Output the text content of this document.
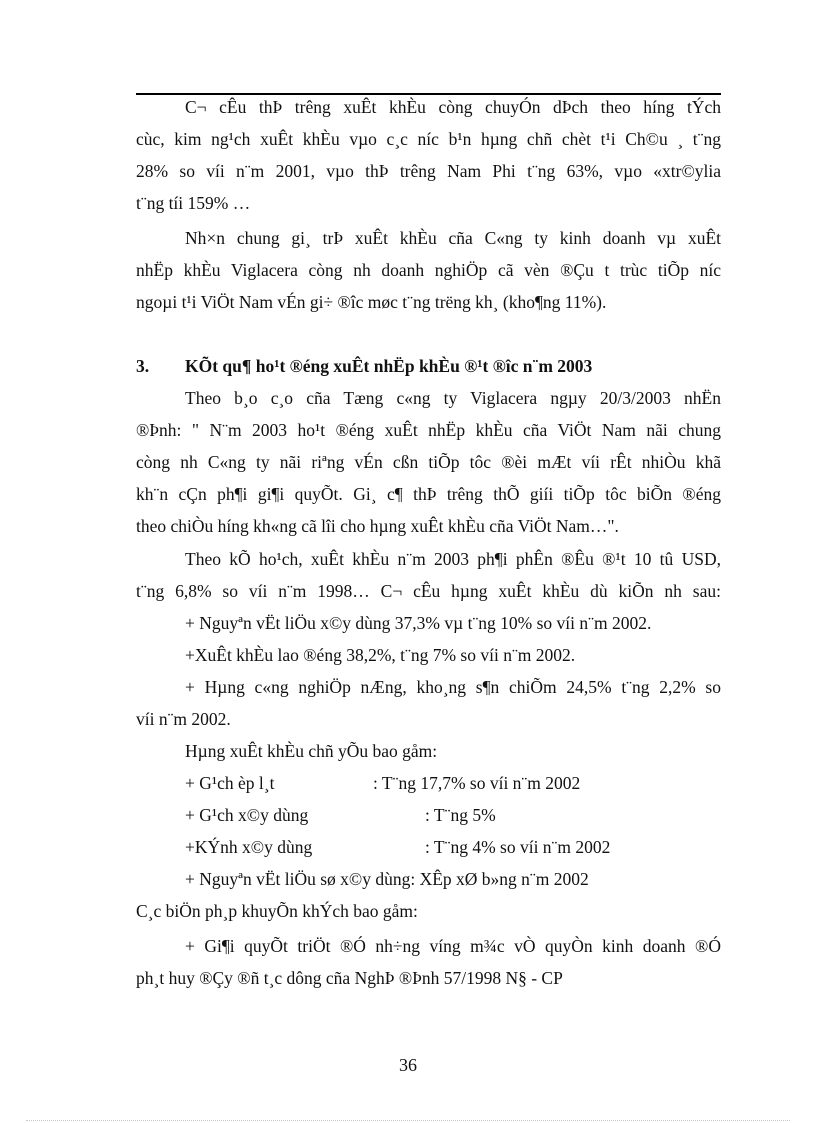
C¬ cÊu thÞ trêng xuÊt khÈu còng chuyÓn dÞch theo híng tÝch
cùc, kim ng¹ch xuÊt khÈu vµo c¸c níc b¹n hµng chñ chèt t¹i Ch©u ¸ t¨ng
28% so víi n¨m 2001, vµo thÞ trêng Nam Phi t¨ng 63%, vµo «xtr©ylia
t¨ng tíi 159% …
Nh×n chung gi¸ trÞ xuÊt khÈu cña C«ng ty kinh doanh vµ xuÊt
nhËp khÈu Viglacera còng nh doanh nghiÖp cã vèn ®Çu t trùc tiÕp níc
ngoµi t¹i ViÖt Nam vÉn gi÷ ®îc møc t¨ng trëng kh¸ (kho¶ng 11%).
3. KÕt qu¶ ho¹t ®éng xuÊt nhËp khÈu ®¹t ®îc n¨m 2003
Theo b¸o c¸o cña Tæng c«ng ty Viglacera ngµy 20/3/2003 nhËn
®Þnh: " N¨m 2003 ho¹t ®éng xuÊt nhËp khÈu cña ViÖt Nam nãi chung
còng nh C«ng ty nãi riªng vÉn cßn tiÕp tôc ®èi mÆt víi rÊt nhiÒu khã
kh¨n cÇn ph¶i gi¶i quyÕt. Gi¸ c¶ thÞ trêng thÕ giíi tiÕp tôc biÕn ®éng
theo chiÒu híng kh«ng cã lîi cho hµng xuÊt khÈu cña ViÖt Nam…".
Theo kÕ ho¹ch, xuÊt khÈu n¨m 2003 ph¶i phÊn ®Êu ®¹t 10 tû USD,
t¨ng 6,8% so víi n¨m 1998… C¬ cÊu hµng xuÊt khÈu dù kiÕn nh sau:
+ Nguyªn vËt liÖu x©y dùng 37,3% vµ t¨ng 10% so víi n¨m 2002.
+XuÊt khÈu lao ®éng 38,2%, t¨ng 7% so víi n¨m 2002.
+ Hµng c«ng nghiÖp nÆng, kho¸ng s¶n chiÕm 24,5% t¨ng 2,2% so
víi n¨m 2002.
Hµng xuÊt khÈu chñ yÕu bao gåm:
+ G¹ch èp l¸t	: T¨ng 17,7% so víi n¨m 2002
+ G¹ch x©y dùng	: T¨ng 5%
+KÝnh x©y dùng	: T¨ng 4% so víi n¨m 2002
+ Nguyªn vËt liÖu sø x©y dùng: XÊp xØ b»ng n¨m 2002
C¸c biÖn ph¸p khuyÕn khÝch bao gåm:
+ Gi¶i quyÕt triÖt ®Ó nh÷ng víng m¾c vÒ quyÒn kinh doanh ®Ó
ph¸t huy ®Çy ®ñ t¸c dông cña NghÞ ®Þnh 57/1998 N§ - CP
36
